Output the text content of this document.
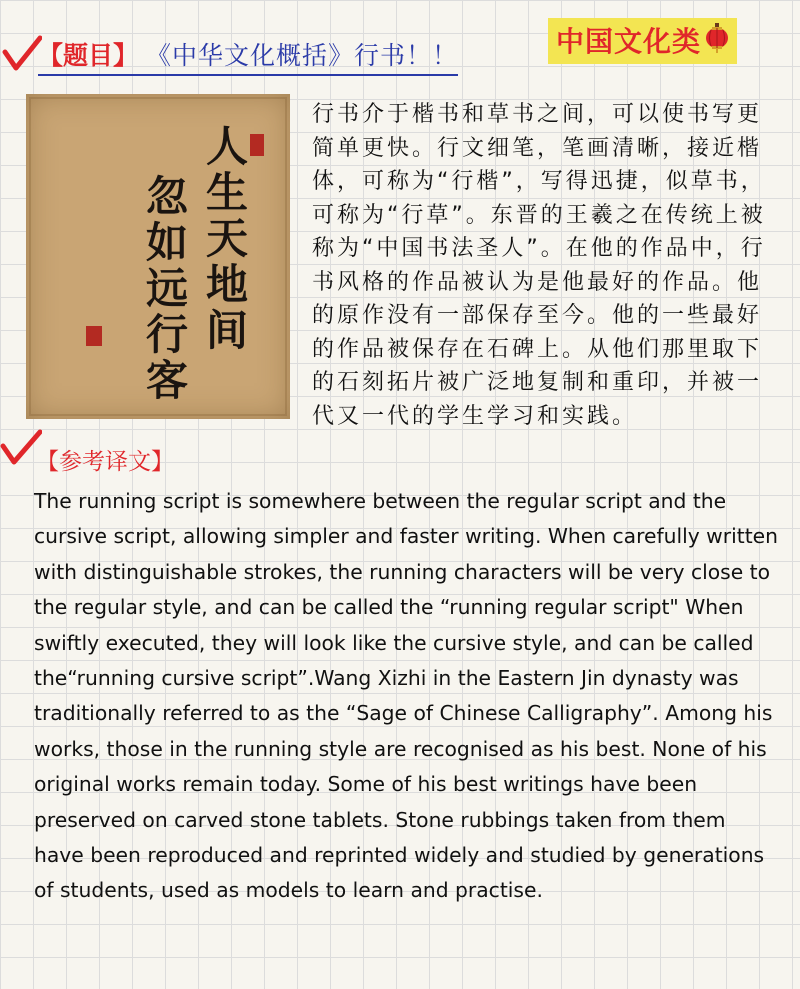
【题目】 《中华文化概括》行书！！	中国文化类
人生天地间
忽如远行客
行书介于楷书和草书之间，可以使书写更简单更快。行文细笔，笔画清晰，接近楷体，可称为“行楷”，写得迅捷，似草书，可称为“行草”。东晋的王羲之在传统上被称为“中国书法圣人”。在他的作品中，行书风格的作品被认为是他最好的作品。他的原作没有一部保存至今。他的一些最好的作品被保存在石碑上。从他们那里取下的石刻拓片被广泛地复制和重印，并被一代又一代的学生学习和实践。
【参考译文】

The running script is somewhere between the regular script and the cursive script, allowing simpler and faster writing. When carefully written with distinguishable strokes, the running characters will be very close to the regular style, and can be called the “running regular script" When swiftly executed, they will look like the cursive style, and can be called the“running cursive script”.Wang Xizhi in the Eastern Jin dynasty was traditionally referred to as the “Sage of Chinese Calligraphy”. Among his works, those in the running style are recognised as his best. None of his original works remain today. Some of his best writings have been preserved on carved stone tablets. Stone rubbings taken from them have been reproduced and reprinted widely and studied by generations of students, used as models to learn and practise.
